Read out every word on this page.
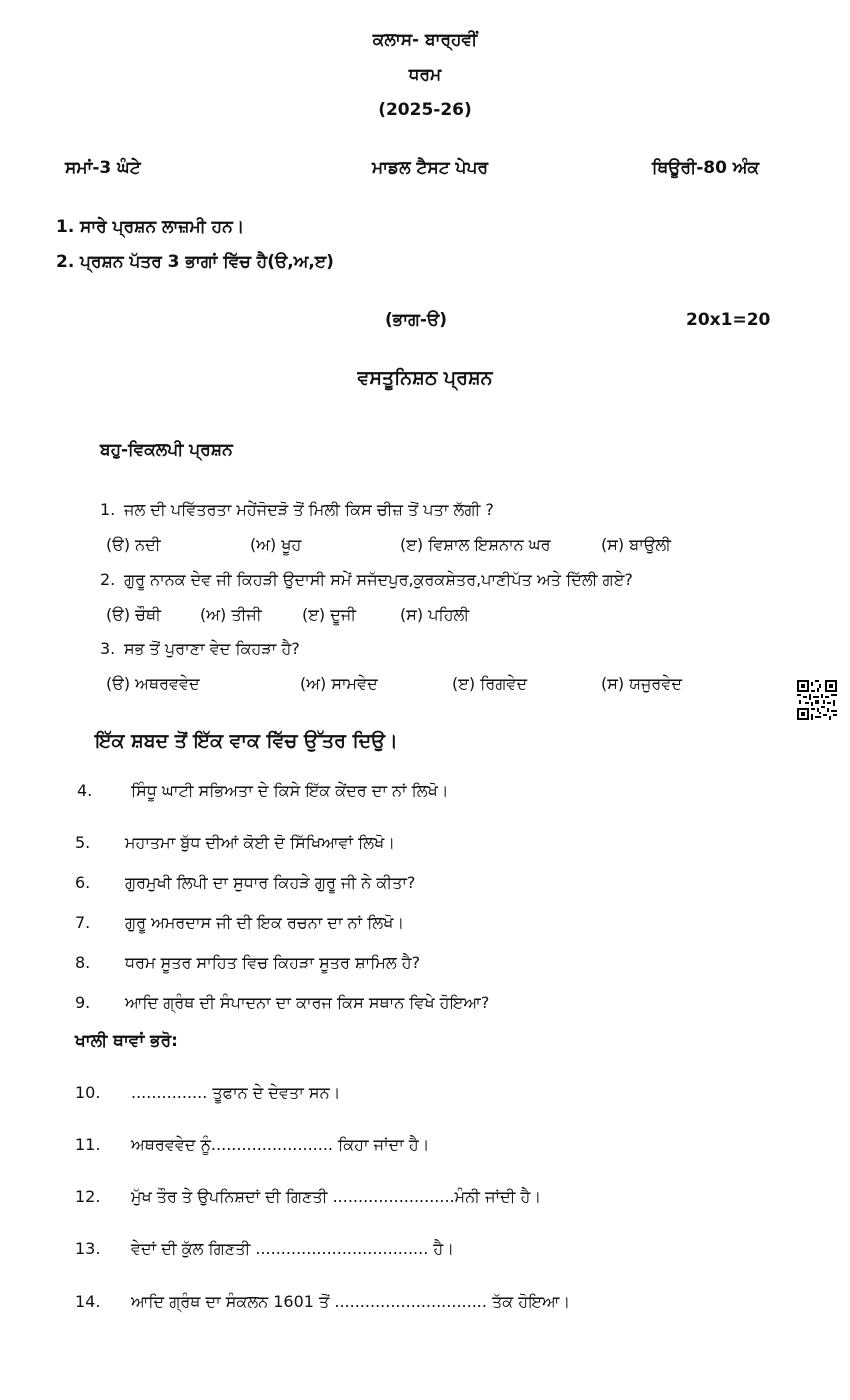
ਕਲਾਸ- ਬਾਰ੍ਹਵੀਂ
ਧਰਮ
(2025-26)
ਸਮਾਂ-3 ਘੰਟੇ	ਮਾਡਲ ਟੈਸਟ ਪੇਪਰ	ਥਿਊਰੀ-80 ਅੰਕ
1. ਸਾਰੇ ਪ੍ਰਸ਼ਨ ਲਾਜ਼ਮੀ ਹਨ।
2. ਪ੍ਰਸ਼ਨ ਪੱਤਰ 3 ਭਾਗਾਂ ਵਿੱਚ ਹੈ(ੳ,ਅ,ੲ)
(ਭਾਗ-ੳ)	20x1=20
ਵਸਤੂਨਿਸ਼ਠ ਪ੍ਰਸ਼ਨ
ਬਹੁ-ਵਿਕਲਪੀ ਪ੍ਰਸ਼ਨ
1. ਜਲ ਦੀ ਪਵਿੱਤਰਤਾ ਮਹੇਂਜੋਦੜੋ ਤੋਂ ਮਿਲੀ ਕਿਸ ਚੀਜ਼ ਤੋਂ ਪਤਾ ਲੱਗੀ ?
(ੳ) ਨਦੀ	(ਅ) ਖੂਹ	(ੲ) ਵਿਸ਼ਾਲ ਇਸ਼ਨਾਨ ਘਰ	(ਸ) ਬਾਉਲੀ
2. ਗੁਰੂ ਨਾਨਕ ਦੇਵ ਜੀ ਕਿਹੜੀ ਉਦਾਸੀ ਸਮੇਂ ਸਜੱਦਪੁਰ,ਕੁਰਕਸ਼ੇਤਰ,ਪਾਣੀਪੱਤ ਅਤੇ ਦਿੱਲੀ ਗਏ?
(ੳ) ਚੌਥੀ (ਅ) ਤੀਜੀ	(ੲ) ਦੂਜੀ	(ਸ) ਪਹਿਲੀ
3. ਸਭ ਤੋਂ ਪੁਰਾਣਾ ਵੇਦ ਕਿਹੜਾ ਹੈ?
(ੳ) ਅਥਰਵਵੇਦ	(ਅ) ਸਾਮਵੇਦ	(ੲ) ਰਿਗਵੇਦ	(ਸ) ਯਜੁਰਵੇਦ
ਇੱਕ ਸ਼ਬਦ ਤੋਂ ਇੱਕ ਵਾਕ ਵਿੱਚ ਉੱਤਰ ਦਿਉ।
4. ਸਿੰਧੂ ਘਾਟੀ ਸਭਿਅਤਾ ਦੇ ਕਿਸੇ ਇੱਕ ਕੇਂਦਰ ਦਾ ਨਾਂ ਲਿਖੋ।
5. ਮਹਾਤਮਾ ਬੁੱਧ ਦੀਆਂ ਕੋਈ ਦੋ ਸਿੱਖਿਆਵਾਂ ਲਿਖੋ।
6. ਗੁਰਮੁਖੀ ਲਿਪੀ ਦਾ ਸੁਧਾਰ ਕਿਹੜੇ ਗੁਰੂ ਜੀ ਨੇ ਕੀਤਾ?
7. ਗੁਰੂ ਅਮਰਦਾਸ ਜੀ ਦੀ ਇਕ ਰਚਨਾ ਦਾ ਨਾਂ ਲਿਖੋ।
8. ਧਰਮ ਸੂਤਰ ਸਾਹਿਤ ਵਿਚ ਕਿਹੜਾ ਸੂਤਰ ਸ਼ਾਮਿਲ ਹੈ?
9. ਆਦਿ ਗ੍ਰੰਥ ਦੀ ਸੰਪਾਦਨਾ ਦਾ ਕਾਰਜ ਕਿਸ ਸਥਾਨ ਵਿਖੇ ਹੋਇਆ?
ਖਾਲੀ ਥਾਵਾਂ ਭਰੋ:
10. ............... ਤੂਫਾਨ ਦੇ ਦੇਵਤਾ ਸਨ।
11. ਅਥਰਵਵੇਦ ਨੂੰ........................ ਕਿਹਾ ਜਾਂਦਾ ਹੈ।
12. ਮੁੱਖ ਤੌਰ ਤੇ ਉਪਨਿਸ਼ਦਾਂ ਦੀ ਗਿਣਤੀ ........................ਮੰਨੀ ਜਾਂਦੀ ਹੈ।
13. ਵੇਦਾਂ ਦੀ ਕੁੱਲ ਗਿਣਤੀ .................................. ਹੈ।
14. ਆਦਿ ਗ੍ਰੰਥ ਦਾ ਸੰਕਲਨ 1601 ਤੋਂ .............................. ਤੱਕ ਹੋਇਆ।
